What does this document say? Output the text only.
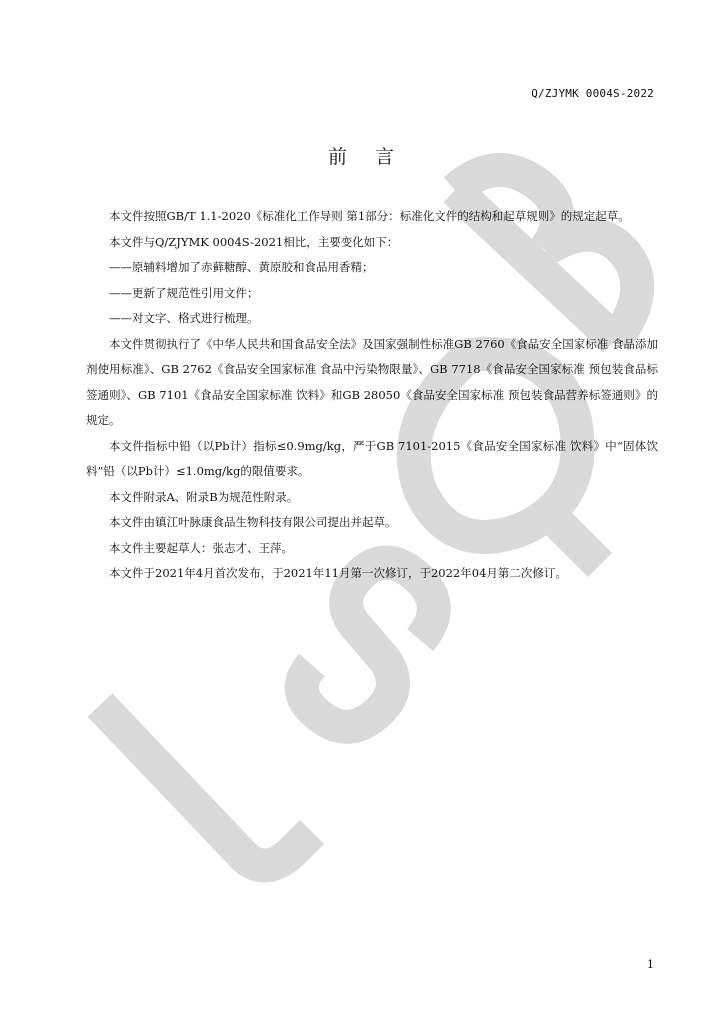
Q/ZJYMK 0004S-2022
前 言

本文件按照GB/T 1.1-2020《标准化工作导则 第1部分：标准化文件的结构和起草规则》的规定起草。

本文件与Q/ZJYMK 0004S-2021相比，主要变化如下：

——原辅料增加了赤藓糖醇、黄原胶和食品用香精；

——更新了规范性引用文件；

——对文字、格式进行梳理。

本文件贯彻执行了《中华人民共和国食品安全法》及国家强制性标准GB 2760《食品安全国家标准 食品添加剂使用标准》、GB 2762《食品安全国家标准 食品中污染物限量》、GB 7718《食品安全国家标准 预包装食品标签通则》、GB 7101《食品安全国家标准 饮料》和GB 28050《食品安全国家标准 预包装食品营养标签通则》的规定。

本文件指标中铅（以Pb计）指标≤0.9mg/kg，严于GB 7101-2015《食品安全国家标准 饮料》中“固体饮料”铅（以Pb计）≤1.0mg/kg的限值要求。

本文件附录A、附录B为规范性附录。

本文件由镇江叶脉康食品生物科技有限公司提出并起草。

本文件主要起草人：张志才、王萍。

本文件于2021年4月首次发布，于2021年11月第一次修订，于2022年04月第二次修订。

1
